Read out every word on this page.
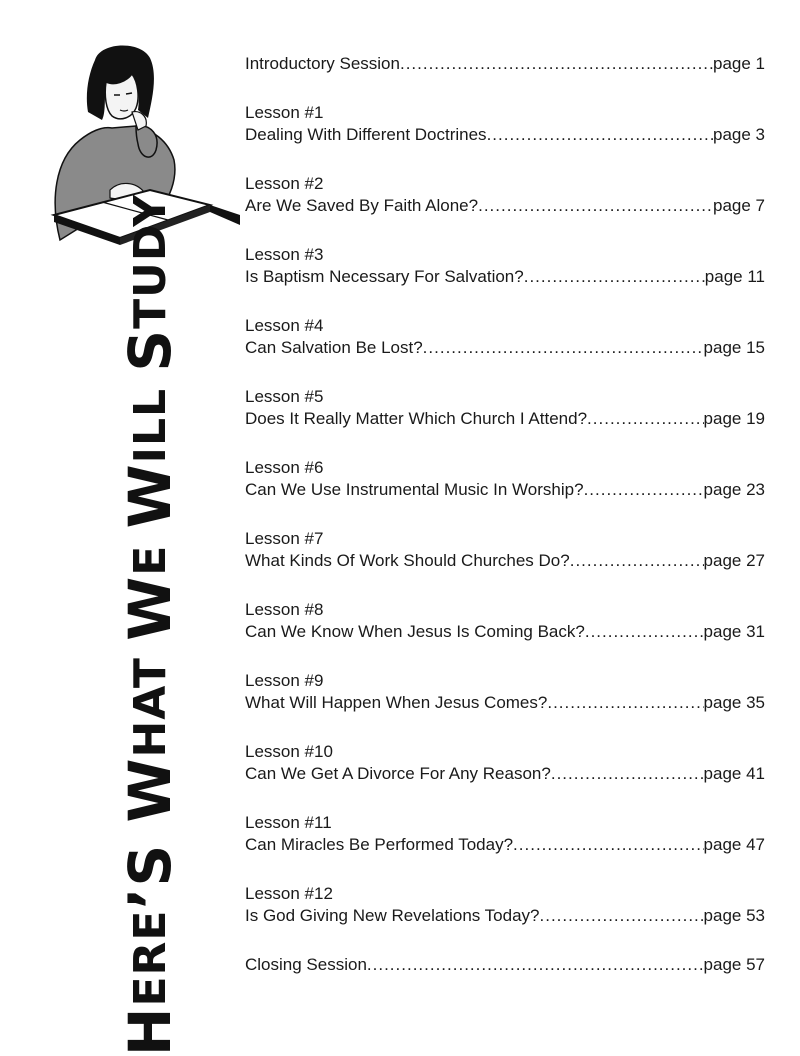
H
ERE
’S
W
HAT
W
E
W
ILL
S
TUDY
Introductory Session .....	page 1
Lesson #1
Dealing With Different Doctrines .....	page 3
Lesson #2
Are We Saved By Faith Alone? .....	page 7
Lesson #3
Is Baptism Necessary For Salvation? .....	page 11
Lesson #4
Can Salvation Be Lost? .....	page 15
Lesson #5
Does It Really Matter Which Church I Attend? .....	page 19
Lesson #6
Can We Use Instrumental Music In Worship? .....	page 23
Lesson #7
What Kinds Of Work Should Churches Do? .....	page 27
Lesson #8
Can We Know When Jesus Is Coming Back? .....	page 31
Lesson #9
What Will Happen When Jesus Comes? .....	page 35
Lesson #10
Can We Get A Divorce For Any Reason? .....	page 41
Lesson #11
Can Miracles Be Performed Today? .....	page 47
Lesson #12
Is God Giving New Revelations Today? .....	page 53
Closing Session .....	page 57
